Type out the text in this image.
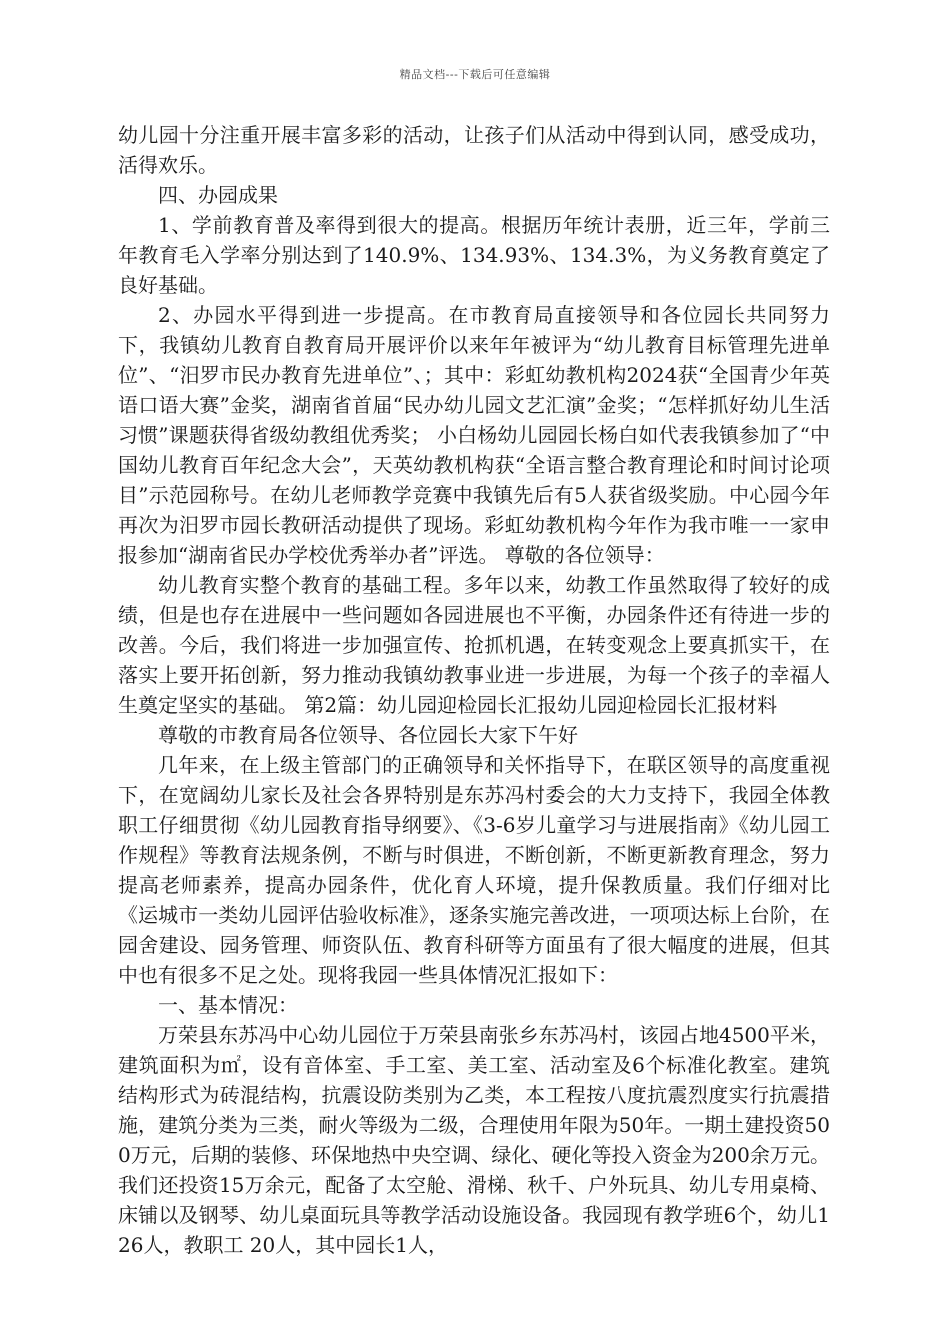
精品文档---下载后可任意编辑

幼儿园十分注重开展丰富多彩的活动，让孩子们从活动中得到认同，感受成功，活得欢乐。

四、办园成果

1、学前教育普及率得到很大的提高。根据历年统计表册，近三年，学前三年教育毛入学率分别达到了140.9%、134.93%、134.3%，为义务教育奠定了良好基础。

2、办园水平得到进一步提高。在市教育局直接领导和各位园长共同努力下，我镇幼儿教育自教育局开展评价以来年年被评为“幼儿教育目标管理先进单位”、“汨罗市民办教育先进单位”、；其中：彩虹幼教机构2024获“全国青少年英语口语大赛”金奖，湖南省首届“民办幼儿园文艺汇演”金奖；“怎样抓好幼儿生活习惯”课题获得省级幼教组优秀奖； 小白杨幼儿园园长杨白如代表我镇参加了“中国幼儿教育百年纪念大会”，天英幼教机构获“全语言整合教育理论和时间讨论项目”示范园称号。在幼儿老师教学竞赛中我镇先后有5人获省级奖励。中心园今年再次为汨罗市园长教研活动提供了现场。彩虹幼教机构今年作为我市唯一一家申报参加“湖南省民办学校优秀举办者”评选。 尊敬的各位领导：

幼儿教育实整个教育的基础工程。多年以来，幼教工作虽然取得了较好的成绩，但是也存在进展中一些问题如各园进展也不平衡，办园条件还有待进一步的改善。今后，我们将进一步加强宣传、抢抓机遇，在转变观念上要真抓实干，在落实上要开拓创新，努力推动我镇幼教事业进一步进展，为每一个孩子的幸福人生奠定坚实的基础。 第2篇：幼儿园迎检园长汇报幼儿园迎检园长汇报材料

尊敬的市教育局各位领导、各位园长大家下午好

几年来，在上级主管部门的正确领导和关怀指导下，在联区领导的高度重视下，在宽阔幼儿家长及社会各界特别是东苏冯村委会的大力支持下，我园全体教职工仔细贯彻《幼儿园教育指导纲要》、《3-6岁儿童学习与进展指南》《幼儿园工作规程》等教育法规条例，不断与时俱进，不断创新，不断更新教育理念，努力提高老师素养，提高办园条件，优化育人环境，提升保教质量。我们仔细对比《运城市一类幼儿园评估验收标准》，逐条实施完善改进，一项项达标上台阶，在园舍建设、园务管理、师资队伍、教育科研等方面虽有了很大幅度的进展，但其中也有很多不足之处。现将我园一些具体情况汇报如下：

一、基本情况：

万荣县东苏冯中心幼儿园位于万荣县南张乡东苏冯村，该园占地4500平米，建筑面积为㎡，设有音体室、手工室、美工室、活动室及6个标准化教室。建筑结构形式为砖混结构，抗震设防类别为乙类，本工程按八度抗震烈度实行抗震措施，建筑分类为三类，耐火等级为二级，合理使用年限为50年。一期土建投资500万元，后期的装修、环保地热中央空调、绿化、硬化等投入资金为200余万元。我们还投资15万余元，配备了太空舱、滑梯、秋千、户外玩具、幼儿专用桌椅、床铺以及钢琴、幼儿桌面玩具等教学活动设施设备。我园现有教学班6个，幼儿126人，教职工 20人，其中园长1人，
